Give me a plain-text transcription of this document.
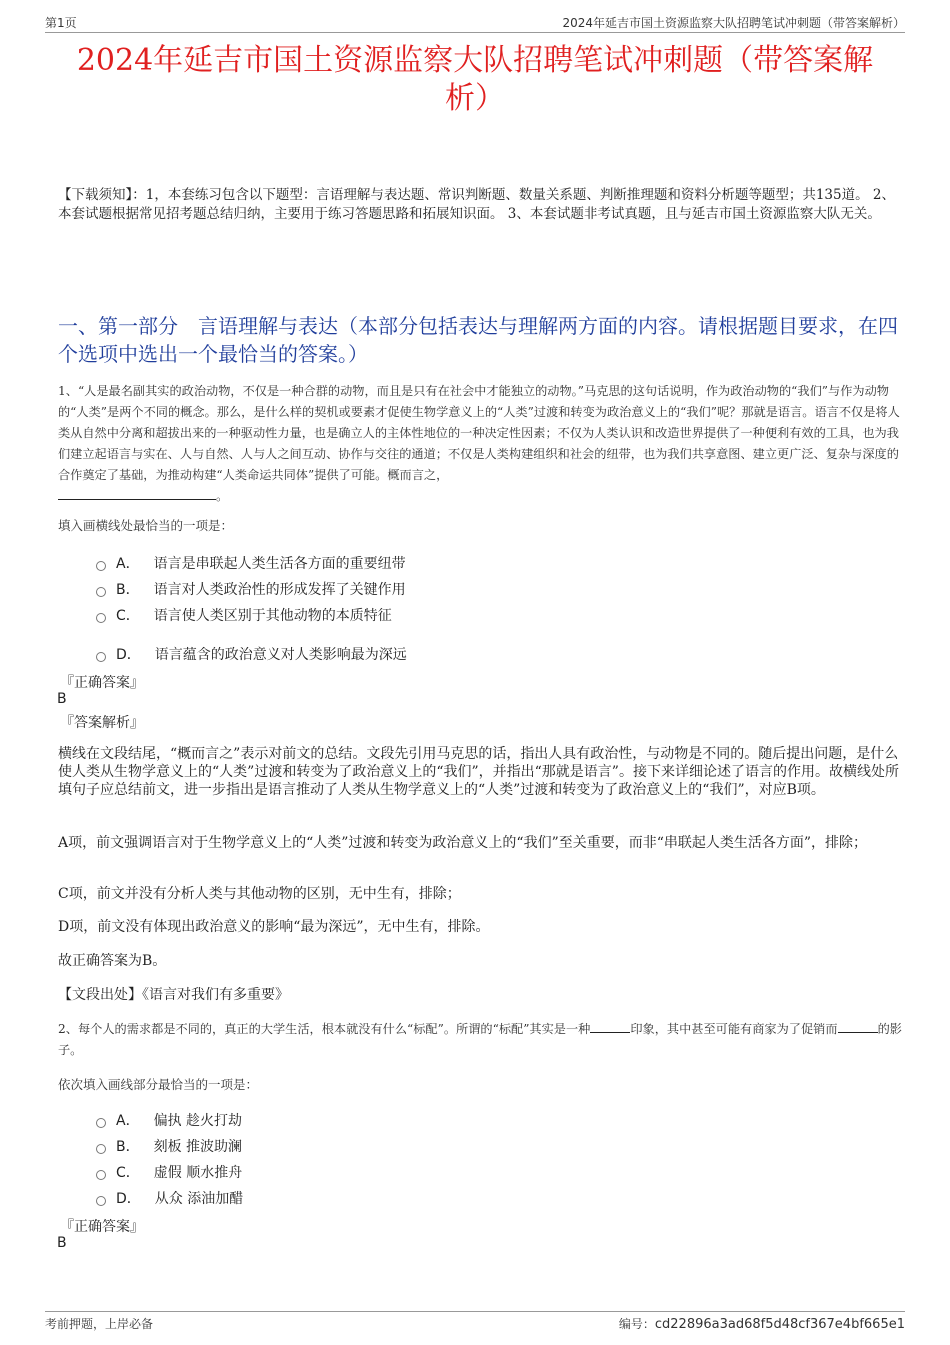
第1页	2024年延吉市国土资源监察大队招聘笔试冲刺题（带答案解析）
2024年延吉市国土资源监察大队招聘笔试冲刺题（带答案解
析）
【下载须知】：1，本套练习包含以下题型：言语理解与表达题、常识判断题、数量关系题、判断推理题和资料分析题等题型；共135道。 2、本套试题根据常见招考题总结归纳，主要用于练习答题思路和拓展知识面。 3、本套试题非考试真题，且与延吉市国土资源监察大队无关。
一、第一部分　言语理解与表达（本部分包括表达与理解两方面的内容。请根据题目要求，在四个选项中选出一个最恰当的答案。）
1、“人是最名副其实的政治动物，不仅是一种合群的动物，而且是只有在社会中才能独立的动物。”马克思的这句话说明，作为政治动物的“我们”与作为动物的“人类”是两个不同的概念。那么，是什么样的契机或要素才促使生物学意义上的“人类”过渡和转变为政治意义上的“我们”呢？那就是语言。语言不仅是将人类从自然中分离和超拔出来的一种驱动性力量，也是确立人的主体性地位的一种决定性因素；不仅为人类认识和改造世界提供了一种便利有效的工具，也为我们建立起语言与实在、人与自然、人与人之间互动、协作与交往的通道；不仅是人类构建组织和社会的纽带，也为我们共享意图、建立更广泛、复杂与深度的合作奠定了基础，为推动构建“人类命运共同体”提供了可能。概而言之，
。
填入画横线处最恰当的一项是：
A． 语言是串联起人类生活各方面的重要纽带
B． 语言对人类政治性的形成发挥了关键作用
C． 语言使人类区别于其他动物的本质特征
D． 语言蕴含的政治意义对人类影响最为深远
『正确答案』
B
『答案解析』
横线在文段结尾，“概而言之”表示对前文的总结。文段先引用马克思的话，指出人具有政治性，与动物是不同的。随后提出问题，是什么使人类从生物学意义上的“人类”过渡和转变为了政治意义上的“我们”，并指出“那就是语言”。接下来详细论述了语言的作用。故横线处所填句子应总结前文，进一步指出是语言推动了人类从生物学意义上的“人类”过渡和转变为了政治意义上的“我们”，对应B项。
A项，前文强调语言对于生物学意义上的“人类”过渡和转变为政治意义上的“我们”至关重要，而非“串联起人类生活各方面”，排除；
C项，前文并没有分析人类与其他动物的区别，无中生有，排除；
D项，前文没有体现出政治意义的影响“最为深远”，无中生有，排除。
故正确答案为B。
【文段出处】《语言对我们有多重要》
2、每个人的需求都是不同的，真正的大学生活，根本就没有什么“标配”。所谓的“标配”其实是一种	印象，其中甚至可能有商家为了促销而	的影子。
依次填入画线部分最恰当的一项是：
A． 偏执 趁火打劫
B． 刻板 推波助澜
C． 虚假 顺水推舟
D． 从众 添油加醋
『正确答案』
B
考前押题，上岸必备	编号：cd22896a3ad68f5d48cf367e4bf665e1
